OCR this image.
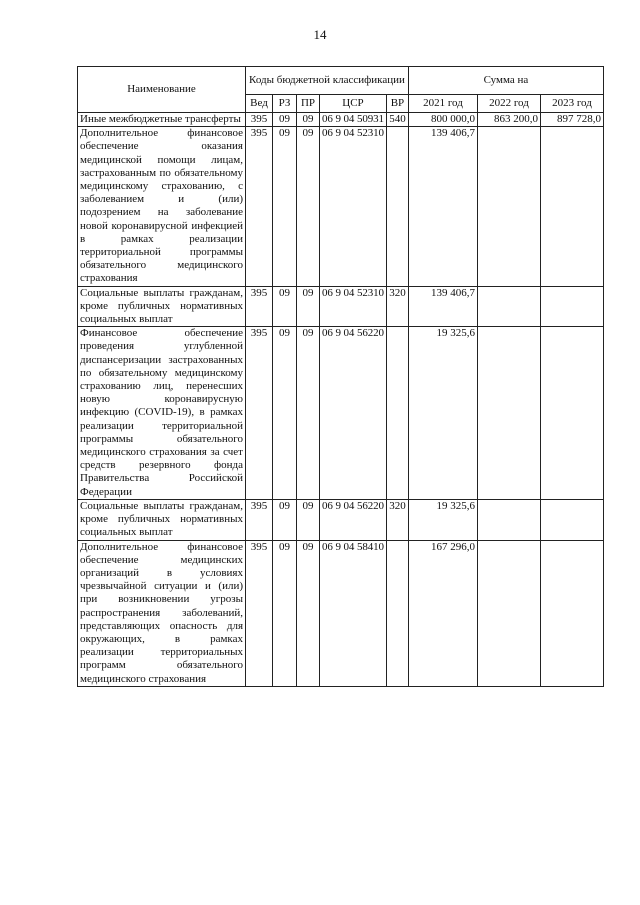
14
Наименование	Коды бюджетной классификации					Сумма на		
	Вед	РЗ	ПР	ЦСР	ВР	2021 год	2022 год	2023 год
Иные межбюджетные трансферты	395	09	09	06 9 04 50931	540	800 000,0	863 200,0	897 728,0
Дополнительное финансовое обеспечение оказания медицинской помощи лицам, застрахованным по обязательному медицинскому страхованию, с заболеванием и (или) подозрением на заболевание новой коронавирусной инфекцией в рамках реализации территориальной программы обязательного медицинского страхования	395	09	09	06 9 04 52310		139 406,7		
Социальные выплаты гражданам, кроме публичных нормативных социальных выплат	395	09	09	06 9 04 52310	320	139 406,7		
Финансовое обеспечение проведения углубленной диспансеризации застрахованных по обязательному медицинскому страхованию лиц, перенесших новую коронавирусную инфекцию (COVID-19), в рамках реализации территориальной программы обязательного медицинского страхования за счет средств резервного фонда Правительства Российской Федерации	395	09	09	06 9 04 56220		19 325,6		
Социальные выплаты гражданам, кроме публичных нормативных социальных выплат	395	09	09	06 9 04 56220	320	19 325,6		
Дополнительное финансовое обеспечение медицинских организаций в условиях чрезвычайной ситуации и (или) при возникновении угрозы распространения заболеваний, представляющих опасность для окружающих, в рамках реализации территориальных программ обязательного медицинского страхования	395	09	09	06 9 04 58410		167 296,0		
